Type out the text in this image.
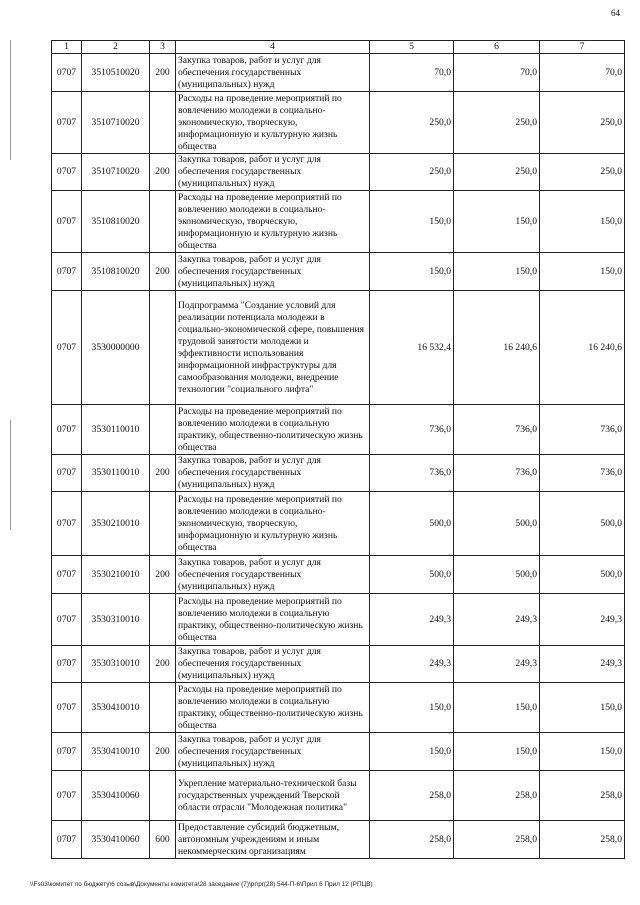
64
1	2	3	4	5	6	7
0707	3510510020	200	Закупка товаров, работ и услуг для обеспечения государственных (муниципальных) нужд	70,0	70,0	70,0
0707	3510710020		Расходы на проведение мероприятий по вовлечению молодежи в социально-экономическую, творческую, информационную и культурную жизнь общества	250,0	250,0	250,0
0707	3510710020	200	Закупка товаров, работ и услуг для обеспечения государственных (муниципальных) нужд	250,0	250,0	250,0
0707	3510810020		Расходы на проведение мероприятий по вовлечению молодежи в социально-экономическую, творческую, информационную и культурную жизнь общества	150,0	150,0	150,0
0707	3510810020	200	Закупка товаров, работ и услуг для обеспечения государственных (муниципальных) нужд	150,0	150,0	150,0
0707	3530000000		Подпрограмма "Создание условий для реализации потенциала молодежи в социально-экономической сфере, повышения трудовой занятости молодежи и эффективности использования информационной инфраструктуры для самообразования молодежи, внедрение технологии "социального лифта"	16 532,4	16 240,6	16 240,6
0707	3530110010		Расходы на проведение мероприятий по вовлечению молодежи в социальную практику, общественно-политическую жизнь общества	736,0	736,0	736,0
0707	3530110010	200	Закупка товаров, работ и услуг для обеспечения государственных (муниципальных) нужд	736,0	736,0	736,0
0707	3530210010		Расходы на проведение мероприятий по вовлечению молодежи в социально-экономическую, творческую, информационную и культурную жизнь общества	500,0	500,0	500,0
0707	3530210010	200	Закупка товаров, работ и услуг для обеспечения государственных (муниципальных) нужд	500,0	500,0	500,0
0707	3530310010		Расходы на проведение мероприятий по вовлечению молодежи в социальную практику, общественно-политическую жизнь общества	249,3	249,3	249,3
0707	3530310010	200	Закупка товаров, работ и услуг для обеспечения государственных (муниципальных) нужд	249,3	249,3	249,3
0707	3530410010		Расходы на проведение мероприятий по вовлечению молодежи в социальную практику, общественно-политическую жизнь общества	150,0	150,0	150,0
0707	3530410010	200	Закупка товаров, работ и услуг для обеспечения государственных (муниципальных) нужд	150,0	150,0	150,0
0707	3530410060		Укрепление материально-технической базы государственных учреждений Тверской области отрасли "Молодежная политика"	258,0	258,0	258,0
0707	3530410060	600	Предоставление субсидий бюджетным, автономным учреждениям и иным некоммерческим организациям	258,0	258,0	258,0
\\Fs03\комитет по бюджету\6 созыв\Документы комитета\28 заседание (7)\pr\pr(28) 544-П-6\Прил 6 Прил 12 (РПЦВ)
